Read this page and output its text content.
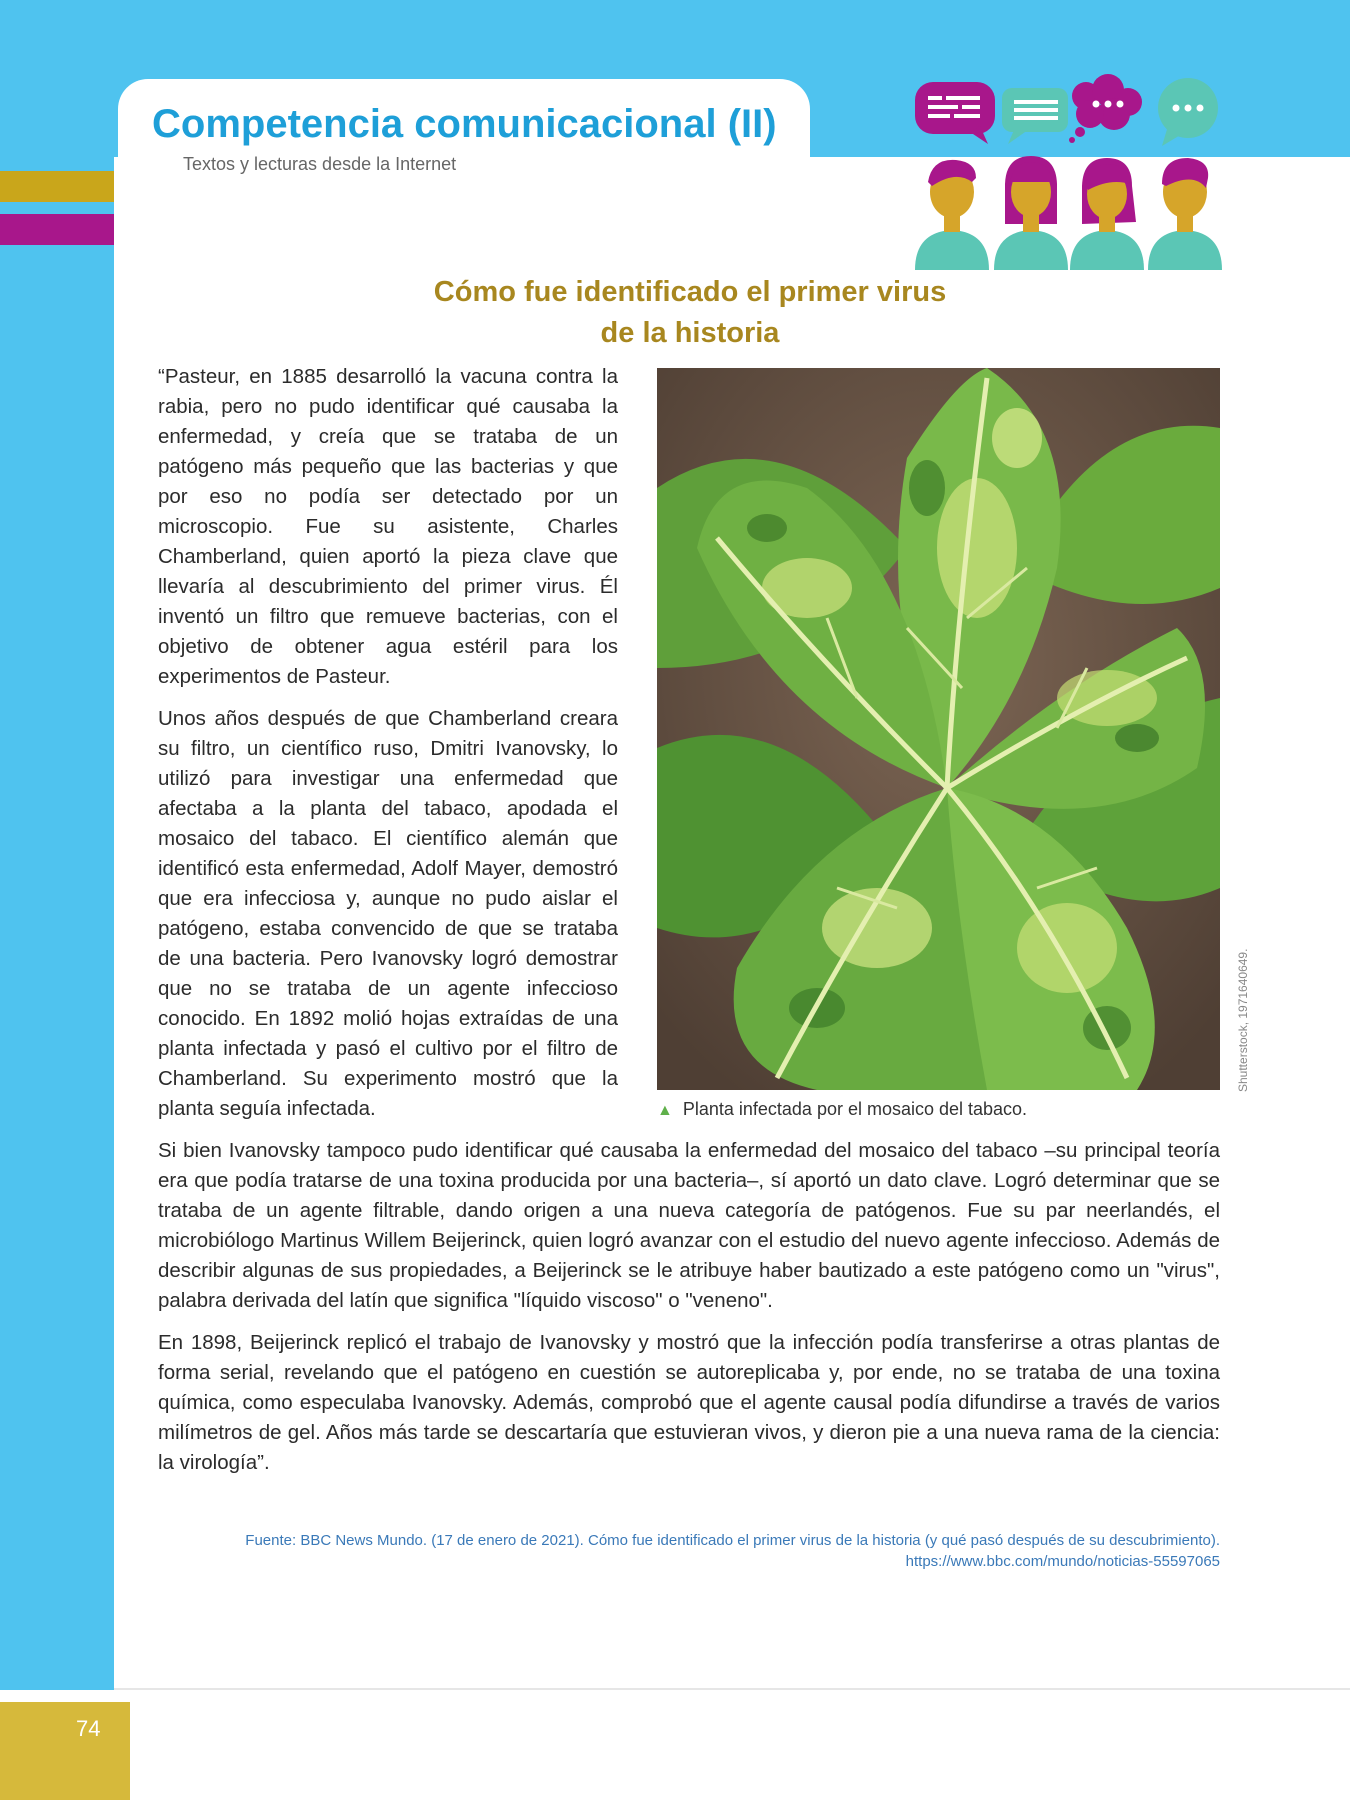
Competencia comunicacional (II)
Textos y lecturas desde la Internet
Cómo fue identificado el primer virus
de la historia

“Pasteur, en 1885 desarrolló la vacuna contra la rabia, pero no pudo identificar qué causaba la enfermedad, y creía que se trataba de un patógeno más pequeño que las bacterias y que por eso no podía ser detectado por un microscopio. Fue su asistente, Charles Chamberland, quien aportó la pieza clave que llevaría al descubrimiento del primer virus. Él inventó un filtro que remueve bacterias, con el objetivo de obtener agua estéril para los experimentos de Pasteur.

Unos años después de que Chamberland creara su filtro, un científico ruso, Dmitri Ivanovsky, lo utilizó para investigar una enfermedad que afectaba a la planta del tabaco, apodada el mosaico del tabaco. El científico alemán que identificó esta enfermedad, Adolf Mayer, demostró que era infecciosa y, aunque no pudo aislar el patógeno, estaba convencido de que se trataba de una bacteria. Pero Ivanovsky logró demostrar que no se trataba de un agente infeccioso conocido. En 1892 molió hojas extraídas de una planta infectada y pasó el cultivo por el filtro de Chamberland. Su experimento mostró que la planta seguía infectada.	▲ Planta infectada por el mosaico del tabaco.
Shutterstock, 1971640649.

Si bien Ivanovsky tampoco pudo identificar qué causaba la enfermedad del mosaico del tabaco –su principal teoría era que podía tratarse de una toxina producida por una bacteria–, sí aportó un dato clave. Logró determinar que se trataba de un agente filtrable, dando origen a una nueva categoría de patógenos. Fue su par neerlandés, el microbiólogo Martinus Willem Beijerinck, quien logró avanzar con el estudio del nuevo agente infeccioso. Además de describir algunas de sus propiedades, a Beijerinck se le atribuye haber bautizado a este patógeno como un "virus", palabra derivada del latín que significa "líquido viscoso" o "veneno".

En 1898, Beijerinck replicó el trabajo de Ivanovsky y mostró que la infección podía transferirse a otras plantas de forma serial, revelando que el patógeno en cuestión se autoreplicaba y, por ende, no se trataba de una toxina química, como especulaba Ivanovsky. Además, comprobó que el agente causal podía difundirse a través de varios milímetros de gel. Años más tarde se descartaría que estuvieran vivos, y dieron pie a una nueva rama de la ciencia: la virología”.

Fuente: BBC News Mundo. (17 de enero de 2021). Cómo fue identificado el primer virus de la historia (y qué pasó después de su descubrimiento).
https://www.bbc.com/mundo/noticias-55597065
74
